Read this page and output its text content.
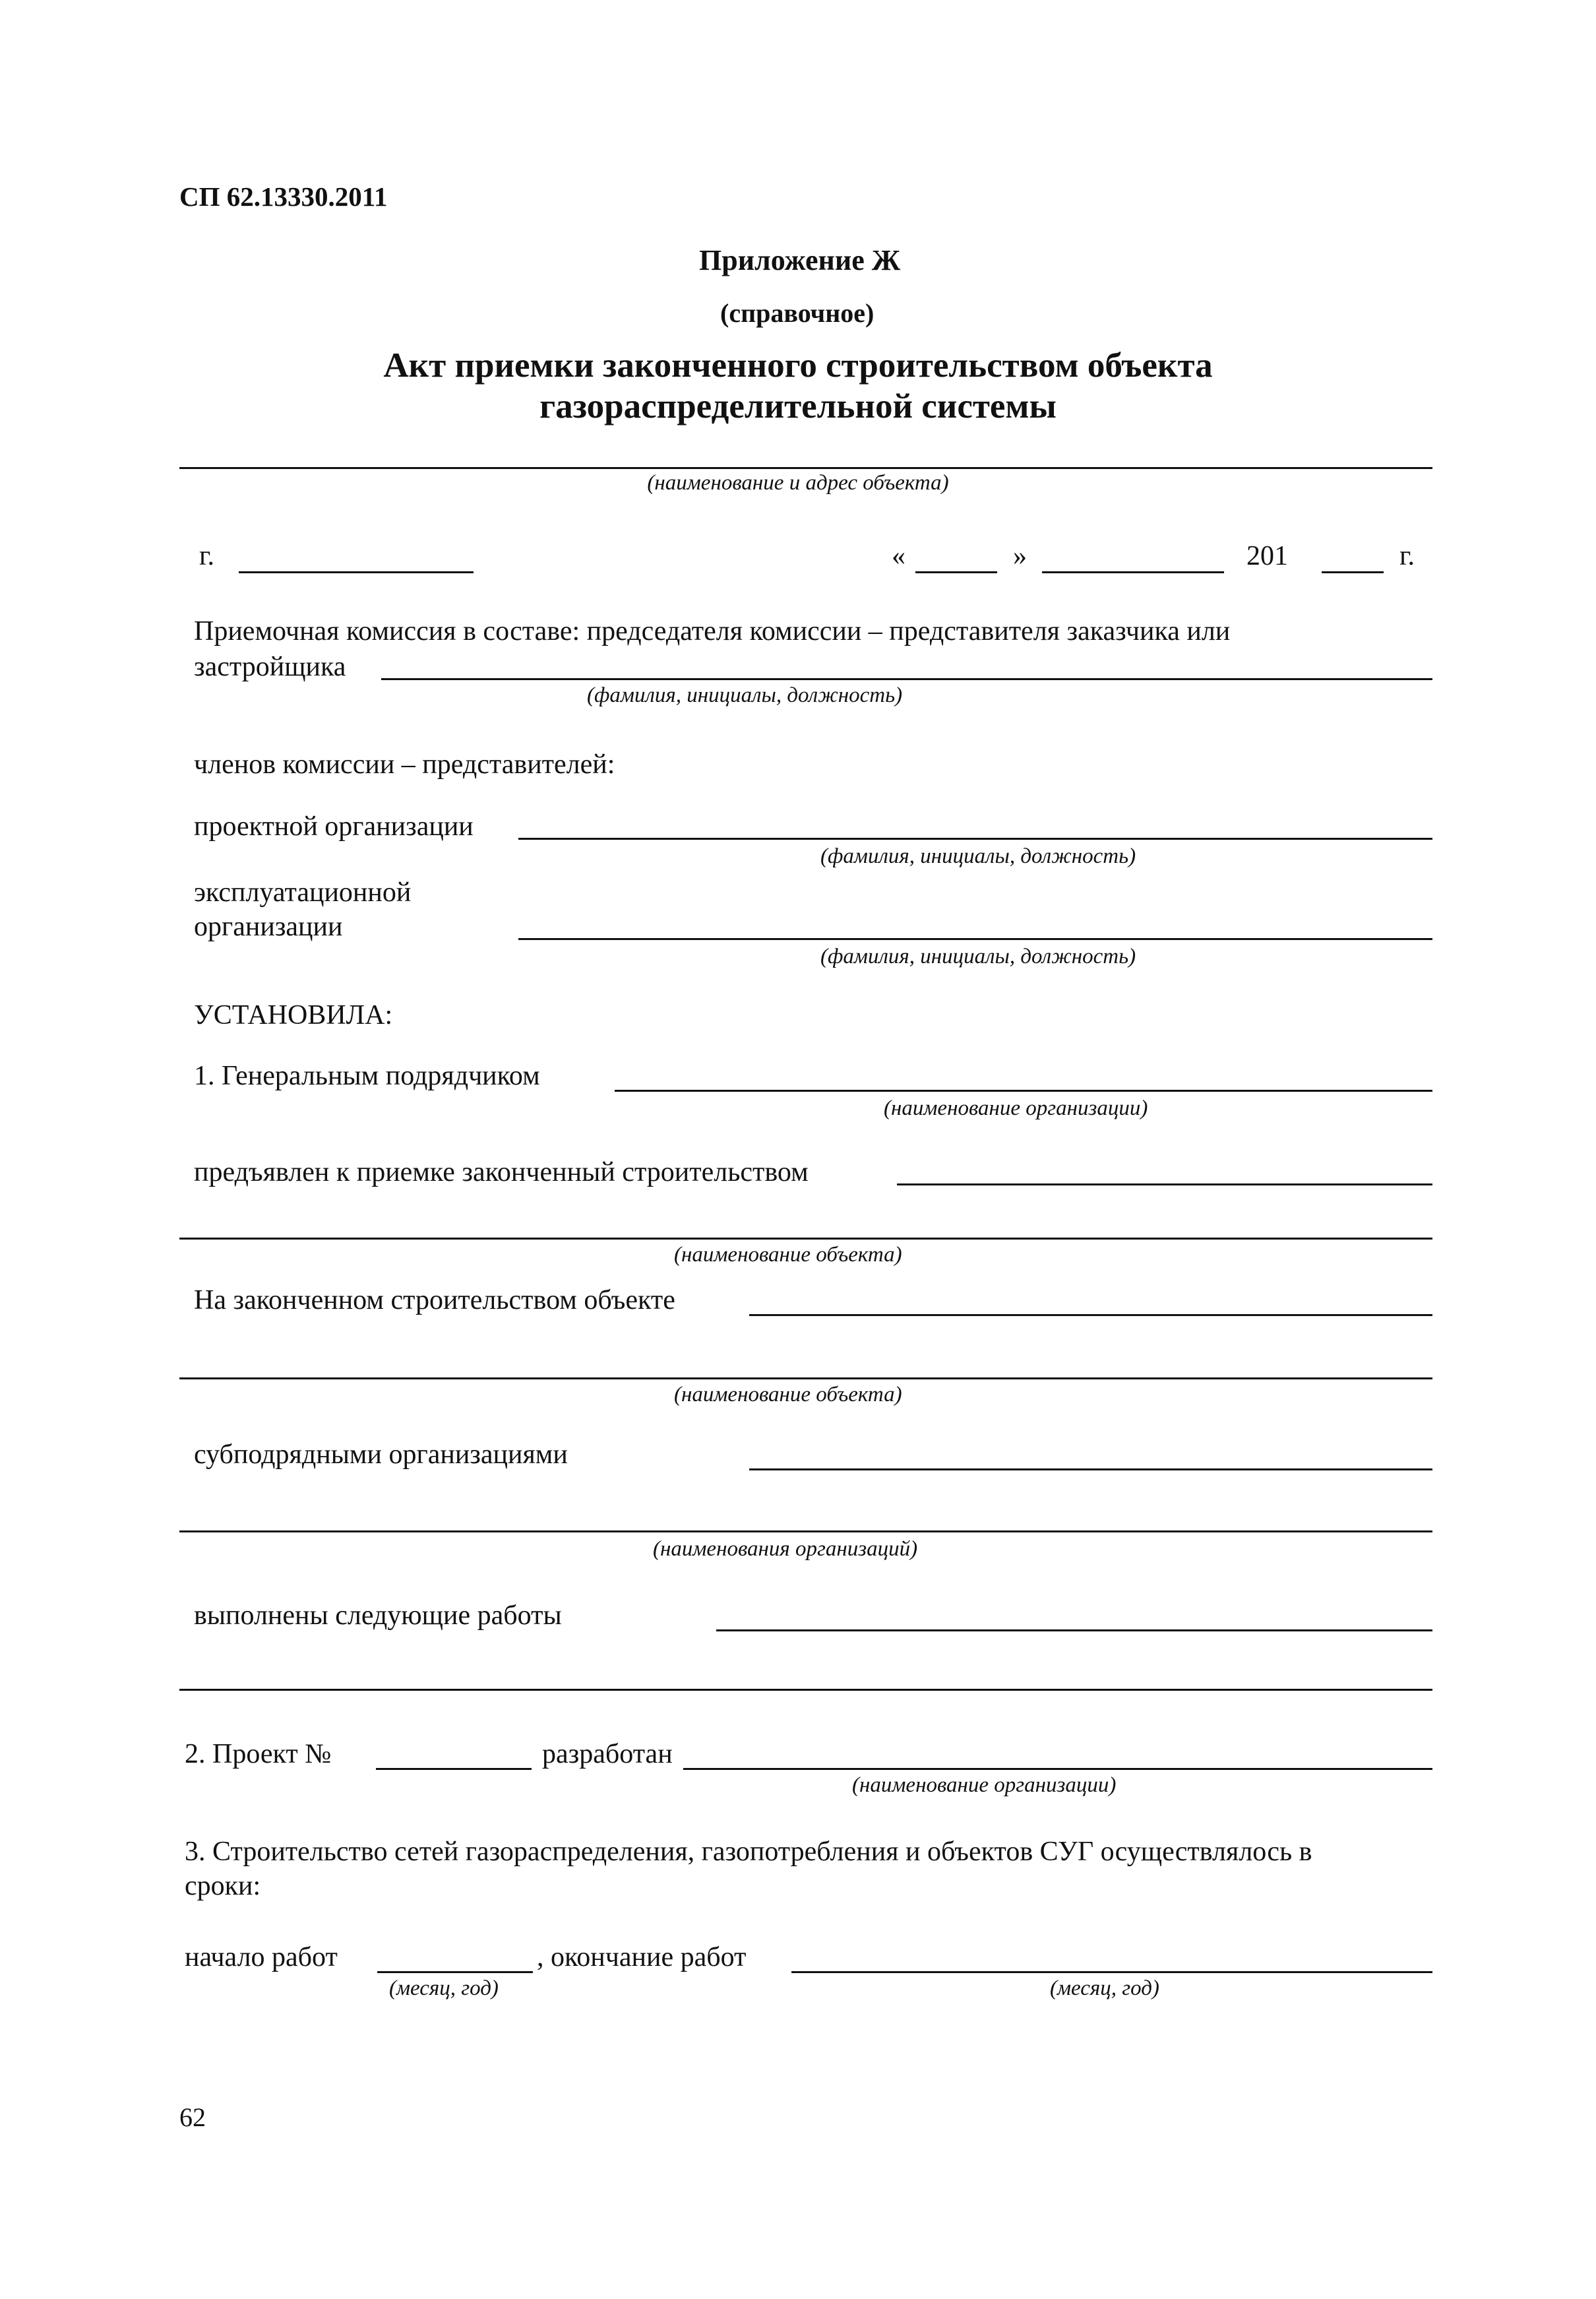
СП 62.13330.2011
Приложение Ж
(справочное)
Акт приемки законченного строительством объекта
газораспределительной системы
(наименование и адрес объекта)
г.	«	»	201	г.
Приемочная комиссия в составе: председателя комиссии – представителя заказчика или
застройщика
(фамилия, инициалы, должность)
членов комиссии – представителей:
проектной организации
(фамилия, инициалы, должность)
эксплуатационной
организации
(фамилия, инициалы, должность)
УСТАНОВИЛА:
1. Генеральным подрядчиком
(наименование организации)
предъявлен к приемке законченный строительством
(наименование объекта)
На законченном строительством объекте
(наименование объекта)
субподрядными организациями
(наименования организаций)
выполнены следующие работы
2. Проект №	разработан
(наименование организации)
3. Строительство сетей газораспределения, газопотребления и объектов СУГ осуществлялось в
сроки:
начало работ	, окончание работ
(месяц, год)	(месяц, год)
62
